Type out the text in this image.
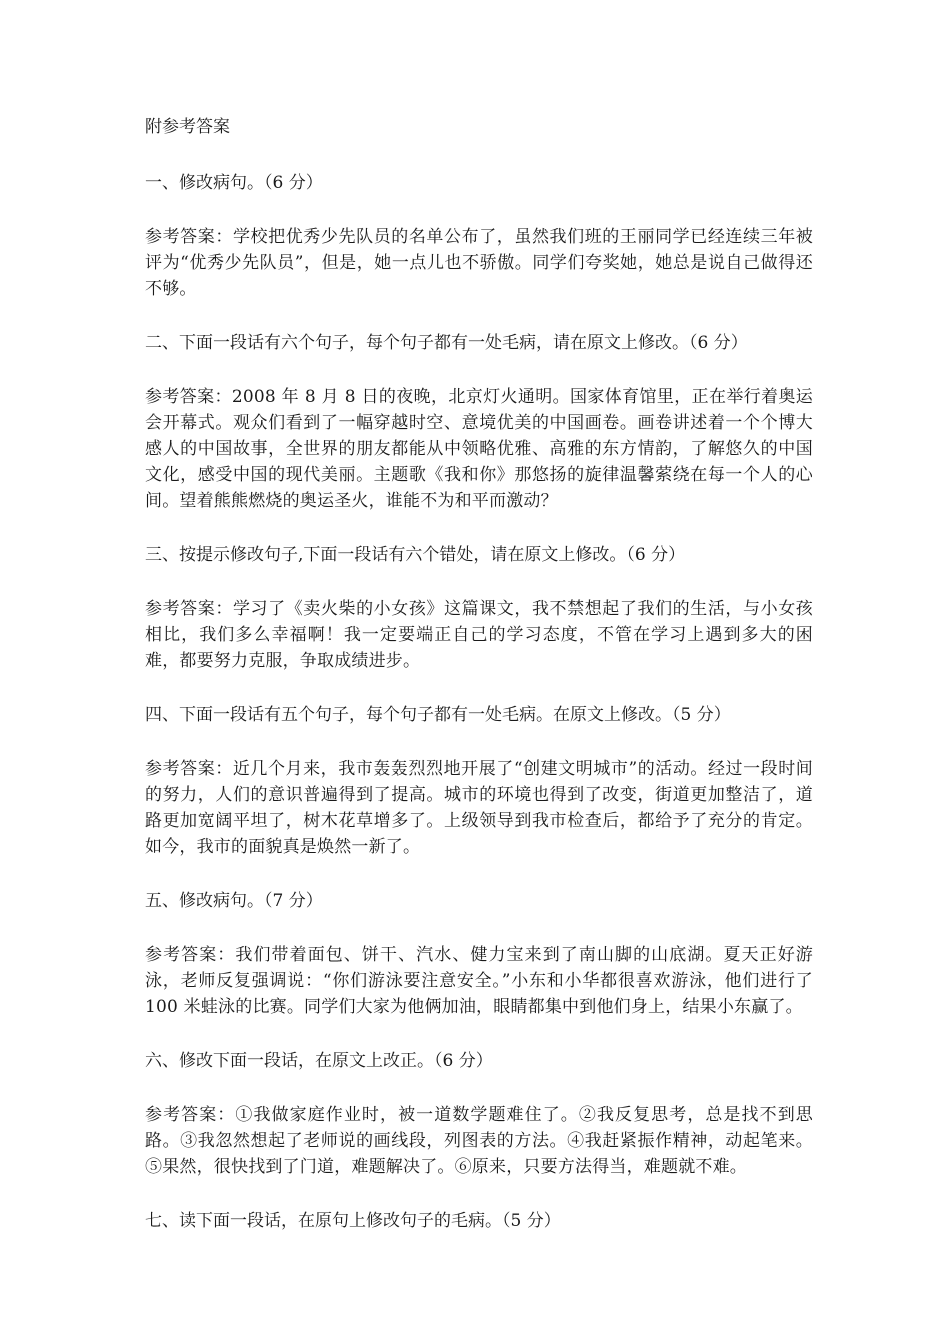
附参考答案
一、修改病句。（6 分）
参考答案：学校把优秀少先队员的名单公布了，虽然我们班的王丽同学已经连续三年被评为“优秀少先队员”，但是，她一点儿也不骄傲。同学们夸奖她，她总是说自己做得还不够。
二、下面一段话有六个句子，每个句子都有一处毛病，请在原文上修改。（6 分）
参考答案：2008 年 8 月 8 日的夜晚，北京灯火通明。国家体育馆里，正在举行着奥运会开幕式。观众们看到了一幅穿越时空、意境优美的中国画卷。画卷讲述着一个个博大感人的中国故事，全世界的朋友都能从中领略优雅、高雅的东方情韵，了解悠久的中国文化，感受中国的现代美丽。主题歌《我和你》那悠扬的旋律温馨萦绕在每一个人的心间。望着熊熊燃烧的奥运圣火，谁能不为和平而激动？
三、按提示修改句子,下面一段话有六个错处，请在原文上修改。（6 分）
参考答案：学习了《卖火柴的小女孩》这篇课文，我不禁想起了我们的生活，与小女孩相比，我们多么幸福啊！我一定要端正自己的学习态度，不管在学习上遇到多大的困难，都要努力克服，争取成绩进步。
四、下面一段话有五个句子，每个句子都有一处毛病。在原文上修改。（5 分）
参考答案：近几个月来，我市轰轰烈烈地开展了“创建文明城市”的活动。经过一段时间的努力，人们的意识普遍得到了提高。城市的环境也得到了改变，街道更加整洁了，道路更加宽阔平坦了，树木花草增多了。上级领导到我市检查后，都给予了充分的肯定。如今，我市的面貌真是焕然一新了。
五、修改病句。（7 分）
参考答案：我们带着面包、饼干、汽水、健力宝来到了南山脚的山底湖。夏天正好游泳，老师反复强调说：“你们游泳要注意安全。”小东和小华都很喜欢游泳，他们进行了 100 米蛙泳的比赛。同学们大家为他俩加油，眼睛都集中到他们身上，结果小东赢了。
六、修改下面一段话，在原文上改正。（6 分）
参考答案：①我做家庭作业时，被一道数学题难住了。②我反复思考，总是找不到思路。③我忽然想起了老师说的画线段，列图表的方法。④我赶紧振作精神，动起笔来。⑤果然，很快找到了门道，难题解决了。⑥原来，只要方法得当，难题就不难。
七、读下面一段话，在原句上修改句子的毛病。（5 分）
